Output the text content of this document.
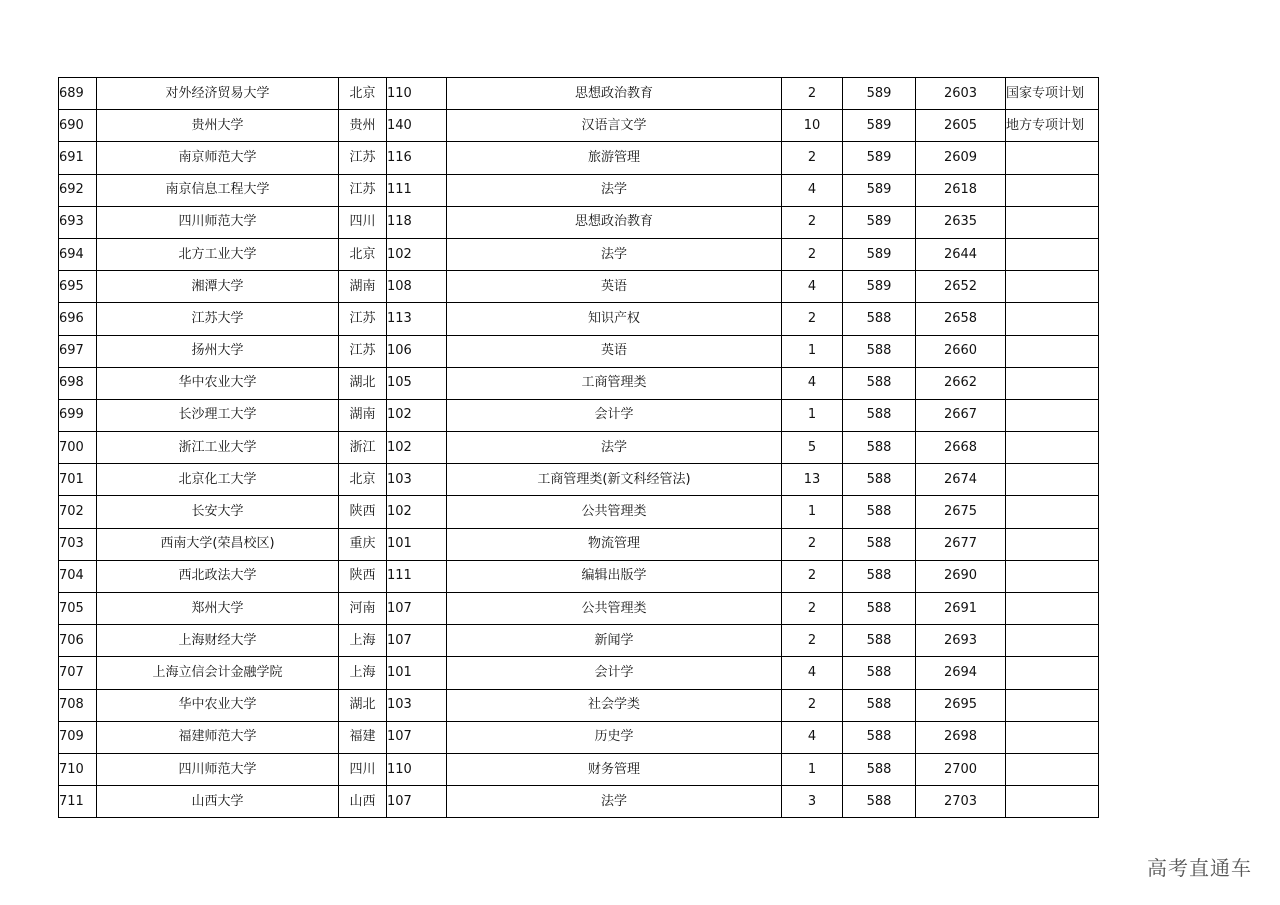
689	对外经济贸易大学	北京	110	思想政治教育	2	589	2603	国家专项计划
690	贵州大学	贵州	140	汉语言文学	10	589	2605	地方专项计划
691	南京师范大学	江苏	116	旅游管理	2	589	2609	
692	南京信息工程大学	江苏	111	法学	4	589	2618	
693	四川师范大学	四川	118	思想政治教育	2	589	2635	
694	北方工业大学	北京	102	法学	2	589	2644	
695	湘潭大学	湖南	108	英语	4	589	2652	
696	江苏大学	江苏	113	知识产权	2	588	2658	
697	扬州大学	江苏	106	英语	1	588	2660	
698	华中农业大学	湖北	105	工商管理类	4	588	2662	
699	长沙理工大学	湖南	102	会计学	1	588	2667	
700	浙江工业大学	浙江	102	法学	5	588	2668	
701	北京化工大学	北京	103	工商管理类(新文科经管法)	13	588	2674	
702	长安大学	陕西	102	公共管理类	1	588	2675	
703	西南大学(荣昌校区)	重庆	101	物流管理	2	588	2677	
704	西北政法大学	陕西	111	编辑出版学	2	588	2690	
705	郑州大学	河南	107	公共管理类	2	588	2691	
706	上海财经大学	上海	107	新闻学	2	588	2693	
707	上海立信会计金融学院	上海	101	会计学	4	588	2694	
708	华中农业大学	湖北	103	社会学类	2	588	2695	
709	福建师范大学	福建	107	历史学	4	588	2698	
710	四川师范大学	四川	110	财务管理	1	588	2700	
711	山西大学	山西	107	法学	3	588	2703	
高考直通车
